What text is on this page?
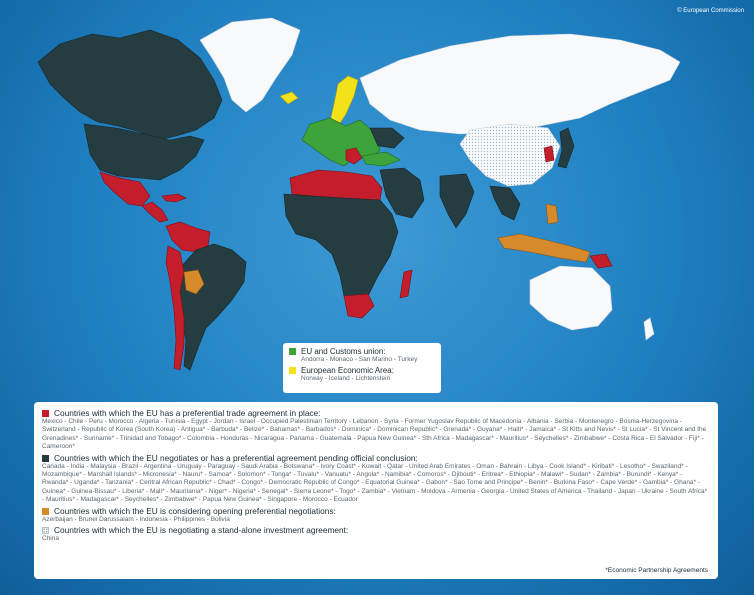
© European Commission
EU and Customs union:
Andorra - Monaco - San Marino - Turkey
European Economic Area:
Norway - Iceland - Lichtenstein
Countries with which the EU has a preferential trade agreement in place:
Mexico - Chile - Peru - Morocco - Algeria - Tunisia - Egypt - Jordan - Israel - Occupied Palestinian Territory - Lebanon - Syria - Former Yugoslav Republic of Macedonia - Albania - Serbia - Montenegro - Bosnia-Herzegovina - Switzerland - Republic of Korea (South Korea) - Antigua* - Barbuda* - Belize* - Bahamas* - Barbados* - Dominica* - Dominican Republic* - Grenada* - Guyana* - Haiti* - Jamaica* - St Kitts and Nevis* - St Lucia* - St Vincent and the Grenadines* - Suriname* - Trinidad and Tobago* - Colombia - Honduras - Nicaragua - Panama - Guatemala - Papua New Guinea* - Sth Africa - Madagascar* - Mauritius* - Seychelles* - Zimbabwe* - Costa Rica - El Salvador - Fiji* - Cameroon*
Countries with which the EU negotiates or has a preferential agreement pending official conclusion:
Canada - India - Malaysia - Brazil - Argentina - Uruguay - Paraguay - Saudi Arabia - Botswana* - Ivory Coast* - Kuwait - Qatar - United Arab Emirates - Oman - Bahrain - Libya - Cook Island* - Kiribati* - Lesotho* - Swaziland* - Mozambique* - Marshall Islands* - Micronesia* - Nauru* - Samoa* - Solomon* - Tonga* - Tuvalu* - Vanuatu* - Angola* - Namibia* - Comoros* - Djibouti* - Eritrea* - Ethiopia* - Malawi* - Sudan* - Zambia* - Burundi* - Kenya* - Rwanda* - Uganda* - Tanzania* - Central African Republic* - Chad* - Congo* - Democratic Republic of Congo* - Equatorial Guinea* - Gabon* - Sao Tome and Principe* - Benin* - Burkina Faso* - Cape Verde* - Gambia* - Ghana* - Guinea* - Guinea-Bissau* - Liberia* - Mali* - Mauritania* - Niger* - Nigeria* - Senegal* - Sierra Leone* - Togo* - Zambia* - Vietnam - Moldova - Armenia - Georgia - United States of America - Thailand - Japan - Ukraine - South Africa* - Mauritius* - Madagascar* - Seychelles* - Zimbabwe* - Papua New Guinea* - Singapore - Morocco - Ecuador
Countries with which the EU is considering opening preferential negotiations:
Azerbaijan - Brunei Darussalam - Indonesia - Philippines - Bolivia
Countries with which the EU is negotiating a stand-alone investment agreement:
China
*Economic Partnership Agreements
